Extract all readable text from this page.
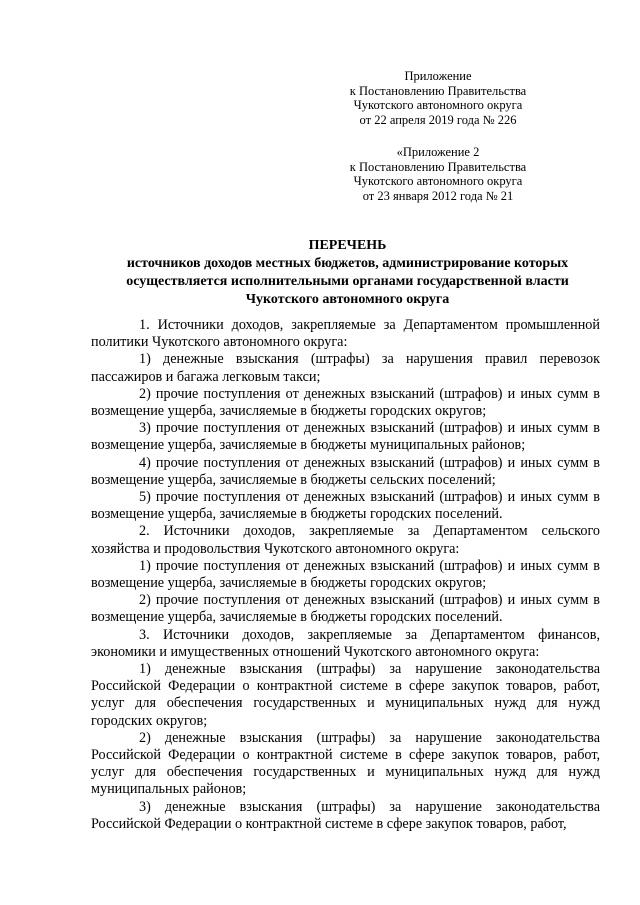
Приложение
к Постановлению Правительства
Чукотского автономного округа
от 22 апреля 2019 года № 226
«Приложение 2
к Постановлению Правительства
Чукотского автономного округа
от 23 января 2012 года № 21
ПЕРЕЧЕНЬ
источников доходов местных бюджетов, администрирование которых
осуществляется исполнительными органами государственной власти
Чукотского автономного округа

1. Источники доходов, закрепляемые за Департаментом промышленной политики Чукотского автономного округа:

1) денежные взыскания (штрафы) за нарушения правил перевозок пассажиров и багажа легковым такси;

2) прочие поступления от денежных взысканий (штрафов) и иных сумм в возмещение ущерба, зачисляемые в бюджеты городских округов;

3) прочие поступления от денежных взысканий (штрафов) и иных сумм в возмещение ущерба, зачисляемые в бюджеты муниципальных районов;

4) прочие поступления от денежных взысканий (штрафов) и иных сумм в возмещение ущерба, зачисляемые в бюджеты сельских поселений;

5) прочие поступления от денежных взысканий (штрафов) и иных сумм в возмещение ущерба, зачисляемые в бюджеты городских поселений.

2. Источники доходов, закрепляемые за Департаментом сельского хозяйства и продовольствия Чукотского автономного округа:

1) прочие поступления от денежных взысканий (штрафов) и иных сумм в возмещение ущерба, зачисляемые в бюджеты городских округов;

2) прочие поступления от денежных взысканий (штрафов) и иных сумм в возмещение ущерба, зачисляемые в бюджеты городских поселений.

3. Источники доходов, закрепляемые за Департаментом финансов, экономики и имущественных отношений Чукотского автономного округа:

1) денежные взыскания (штрафы) за нарушение законодательства Российской Федерации о контрактной системе в сфере закупок товаров, работ, услуг для обеспечения государственных и муниципальных нужд для нужд городских округов;

2) денежные взыскания (штрафы) за нарушение законодательства Российской Федерации о контрактной системе в сфере закупок товаров, работ, услуг для обеспечения государственных и муниципальных нужд для нужд муниципальных районов;

3) денежные взыскания (штрафы) за нарушение законодательства Российской Федерации о контрактной системе в сфере закупок товаров, работ,
